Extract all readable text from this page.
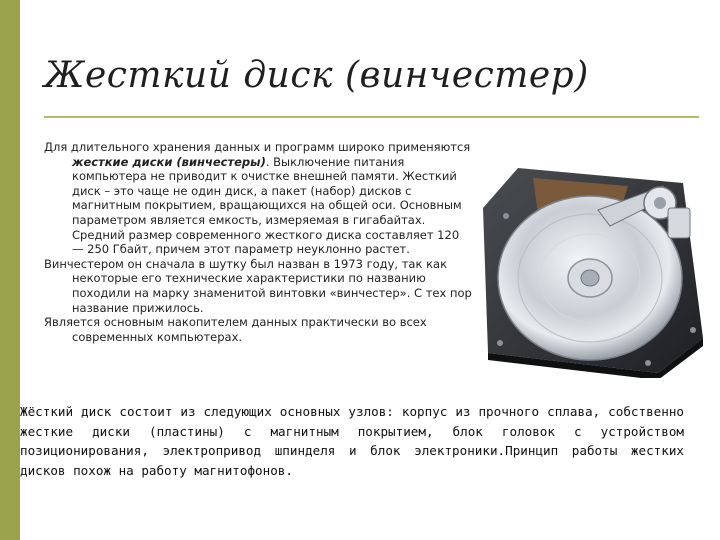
Жесткий диск (винчестер)

Для длительного хранения данных и программ широко применяются жесткие диски (винчестеры). Выключение питания компьютера не приводит к очистке внешней памяти. Жесткий диск – это чаще не один диск, а пакет (набор) дисков с магнитным покрытием, вращающихся на общей оси. Основным параметром является емкость, измеряемая в гигабайтах. Средний размер современного жесткого диска составляет 120 — 250 Гбайт, причем этот параметр неуклонно растет.

Винчестером он сначала в шутку был назван в 1973 году, так как некоторые его технические характеристики по названию походили на марку знаменитой винтовки «винчестер». С тех пор название прижилось.

Является основным накопителем данных практически во всех современных компьютерах.

Жёсткий диск состоит из следующих основных узлов: корпус из прочного сплава, собственно жесткие диски (пластины) с магнитным покрытием, блок головок с устройством позиционирования, электропривод шпинделя и блок электроники.Принцип работы жестких дисков похож на работу магнитофонов.
